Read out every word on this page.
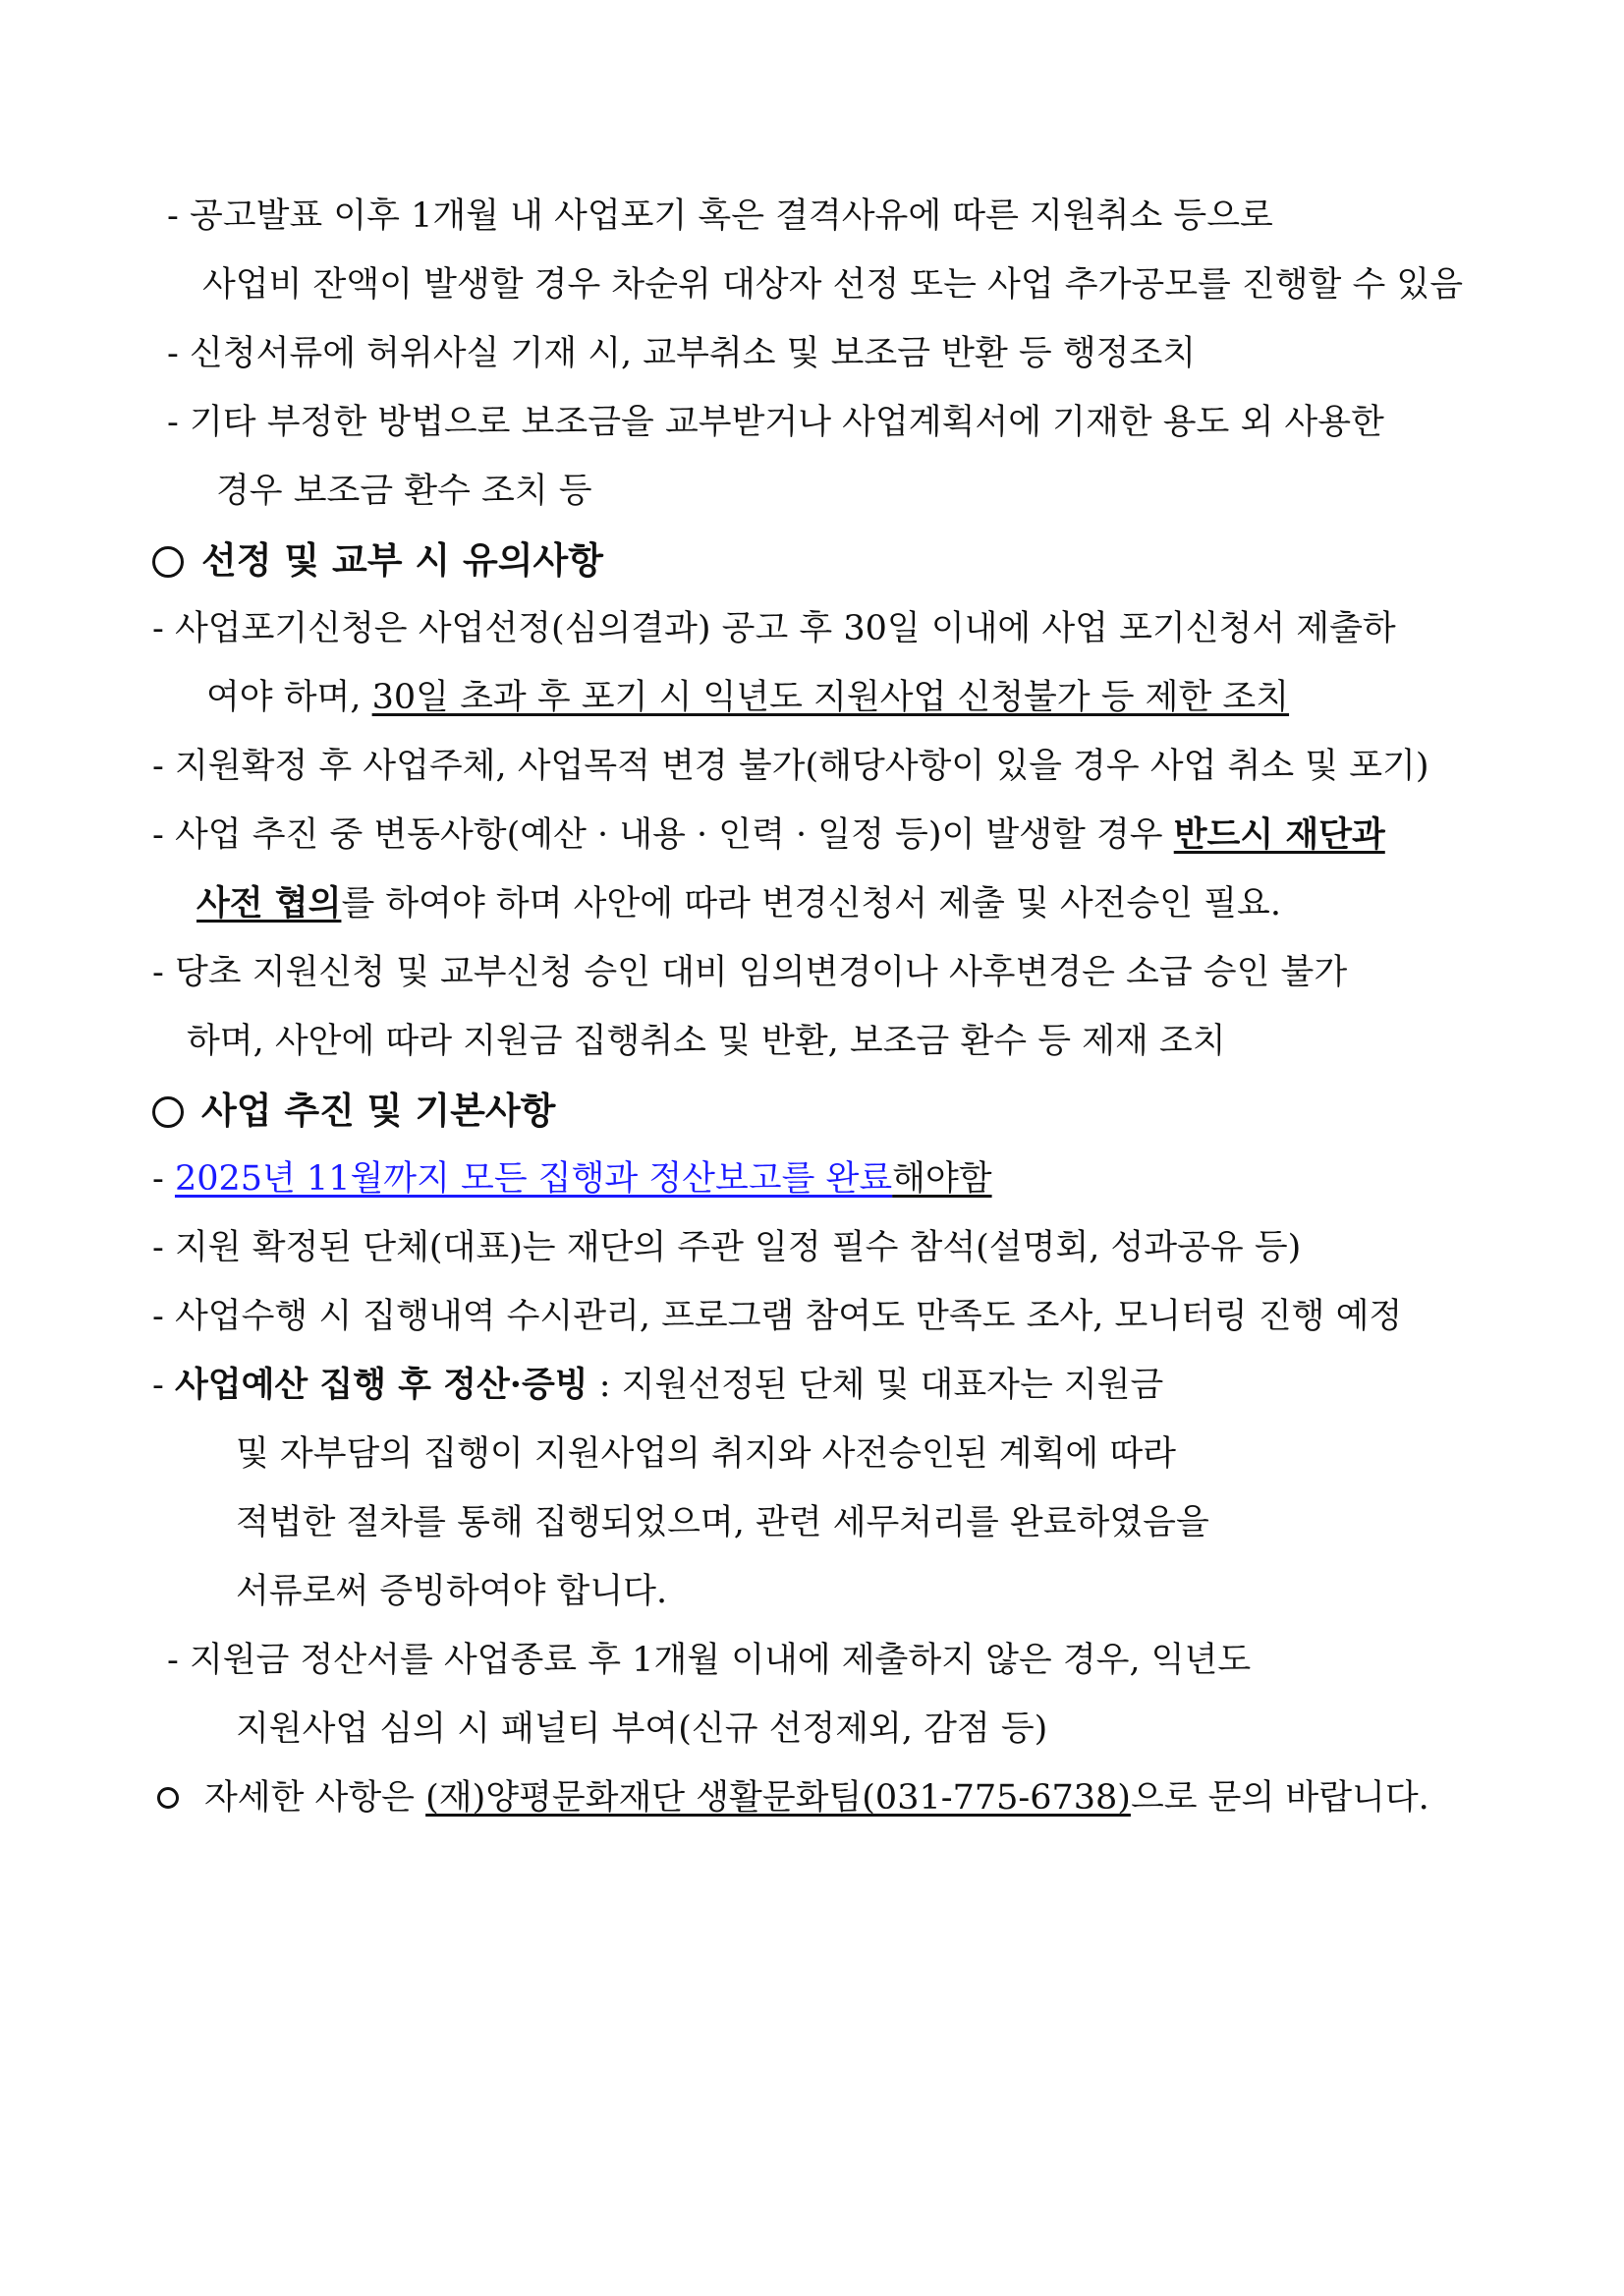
- 공고발표 이후 1개월 내 사업포기 혹은 결격사유에 따른 지원취소 등으로
사업비 잔액이 발생할 경우 차순위 대상자 선정 또는 사업 추가공모를 진행할 수 있음
- 신청서류에 허위사실 기재 시, 교부취소 및 보조금 반환 등 행정조치
- 기타 부정한 방법으로 보조금을 교부받거나 사업계획서에 기재한 용도 외 사용한
경우 보조금 환수 조치 등
선정 및 교부 시 유의사항
- 사업포기신청은 사업선정(심의결과) 공고 후 30일 이내에 사업 포기신청서 제출하
여야 하며, 30일 초과 후 포기 시 익년도 지원사업 신청불가 등 제한 조치
- 지원확정 후 사업주체, 사업목적 변경 불가(해당사항이 있을 경우 사업 취소 및 포기)
- 사업 추진 중 변동사항(예산 · 내용 · 인력 · 일정 등)이 발생할 경우 반드시 재단과
사전 협의를 하여야 하며 사안에 따라 변경신청서 제출 및 사전승인 필요.
- 당초 지원신청 및 교부신청 승인 대비 임의변경이나 사후변경은 소급 승인 불가
하며, 사안에 따라 지원금 집행취소 및 반환, 보조금 환수 등 제재 조치
사업 추진 및 기본사항
- 2025년 11월까지 모든 집행과 정산보고를 완료해야함
- 지원 확정된 단체(대표)는 재단의 주관 일정 필수 참석(설명회, 성과공유 등)
- 사업수행 시 집행내역 수시관리, 프로그램 참여도 만족도 조사, 모니터링 진행 예정
- 사업예산 집행 후 정산·증빙 : 지원선정된 단체 및 대표자는 지원금
및 자부담의 집행이 지원사업의 취지와 사전승인된 계획에 따라
적법한 절차를 통해 집행되었으며, 관련 세무처리를 완료하였음을
서류로써 증빙하여야 합니다.
- 지원금 정산서를 사업종료 후 1개월 이내에 제출하지 않은 경우, 익년도
지원사업 심의 시 패널티 부여(신규 선정제외, 감점 등)
자세한 사항은 (재)양평문화재단 생활문화팀(031-775-6738)으로 문의 바랍니다.
